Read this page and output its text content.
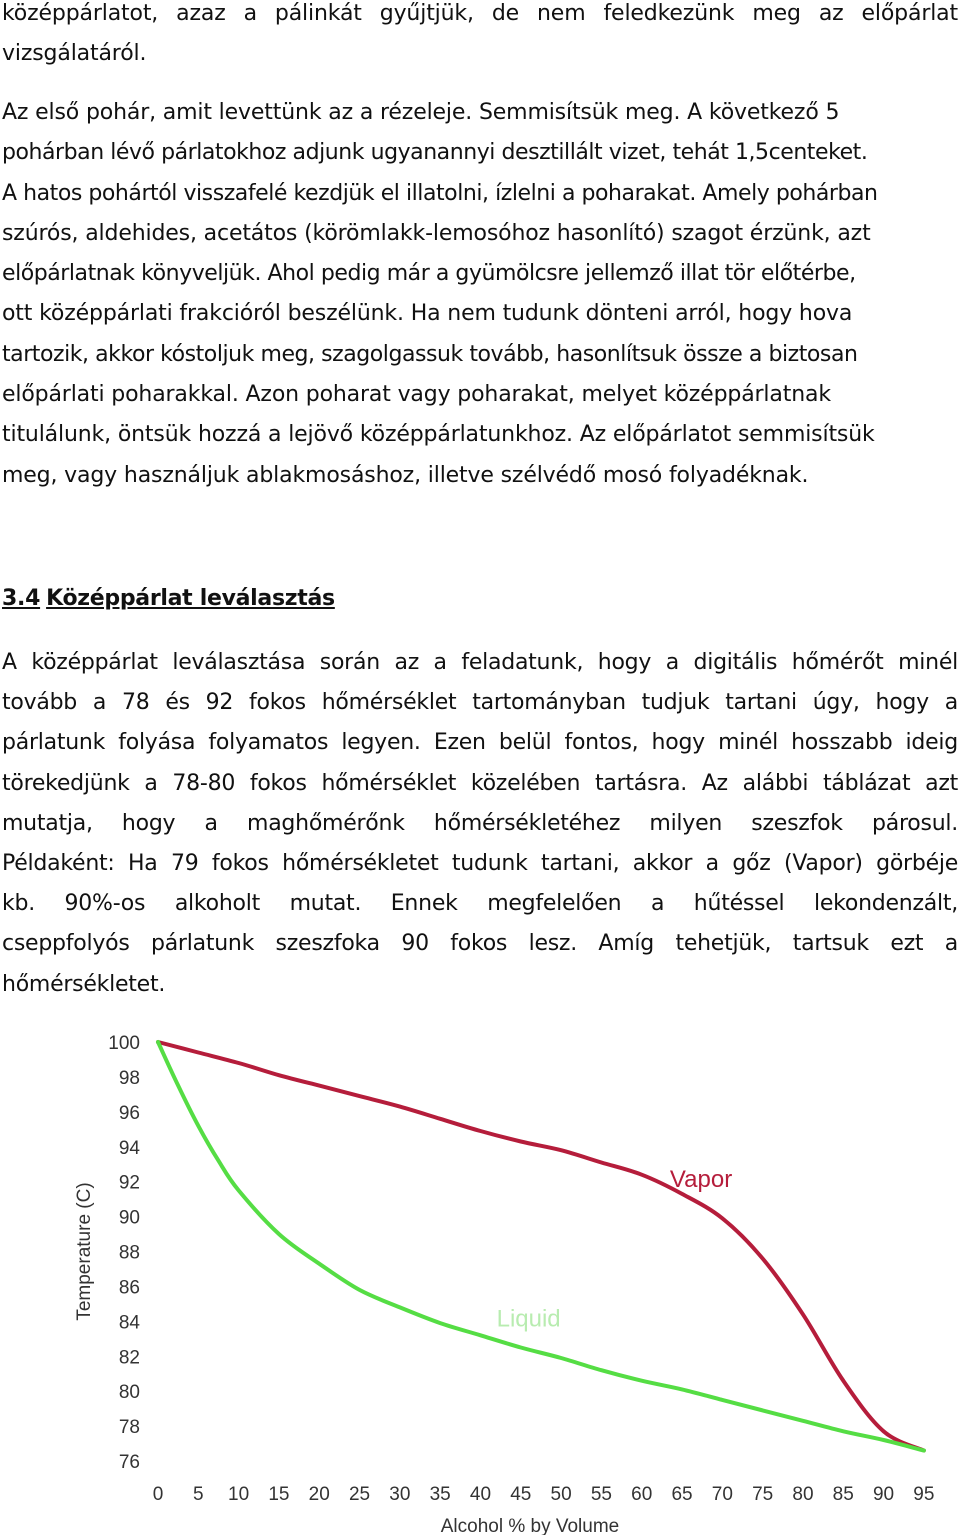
középpárlatot, azaz a pálinkát gyűjtjük, de nem feledkezünk meg az előpárlat
vizsgálatáról.
Az első pohár, amit levettünk az a rézeleje. Semmisítsük meg. A következő 5
pohárban lévő párlatokhoz adjunk ugyanannyi desztillált vizet, tehát 1,5centeket.
A hatos pohártól visszafelé kezdjük el illatolni, ízlelni a poharakat. Amely pohárban
szúrós, aldehides, acetátos (körömlakk-lemosóhoz hasonlító) szagot érzünk, azt
előpárlatnak könyveljük. Ahol pedig már a gyümölcsre jellemző illat tör előtérbe,
ott középpárlati frakcióról beszélünk. Ha nem tudunk dönteni arról, hogy hova
tartozik, akkor kóstoljuk meg, szagolgassuk tovább, hasonlítsuk össze a biztosan
előpárlati poharakkal. Azon poharat vagy poharakat, melyet középpárlatnak
titulálunk, öntsük hozzá a lejövő középpárlatunkhoz. Az előpárlatot semmisítsük
meg, vagy használjuk ablakmosáshoz, illetve szélvédő mosó folyadéknak.
3.4 Középpárlat leválasztás
A középpárlat leválasztása során az a feladatunk, hogy a digitális hőmérőt minél
tovább a 78 és 92 fokos hőmérséklet tartományban tudjuk tartani úgy, hogy a
párlatunk folyása folyamatos legyen. Ezen belül fontos, hogy minél hosszabb ideig
törekedjünk a 78-80 fokos hőmérséklet közelében tartásra. Az alábbi táblázat azt
mutatja, hogy a maghőmérőnk hőmérsékletéhez milyen szeszfok párosul.
Példaként: Ha 79 fokos hőmérsékletet tudunk tartani, akkor a gőz (Vapor) görbéje
kb. 90%-os alkoholt mutat. Ennek megfelelően a hűtéssel lekondenzált,
cseppfolyós párlatunk szeszfoka 90 fokos lesz. Amíg tehetjük, tartsuk ezt a
hőmérsékletet.
76
78
80
82
84
86
88
90
92
94
96
98
100
0 5 10 15 20 25 30 35 40 45 50 55 60 65 70 75 80 85 90 95
Alcohol % by Volume
Temperature (C)
Vapor
Liquid
